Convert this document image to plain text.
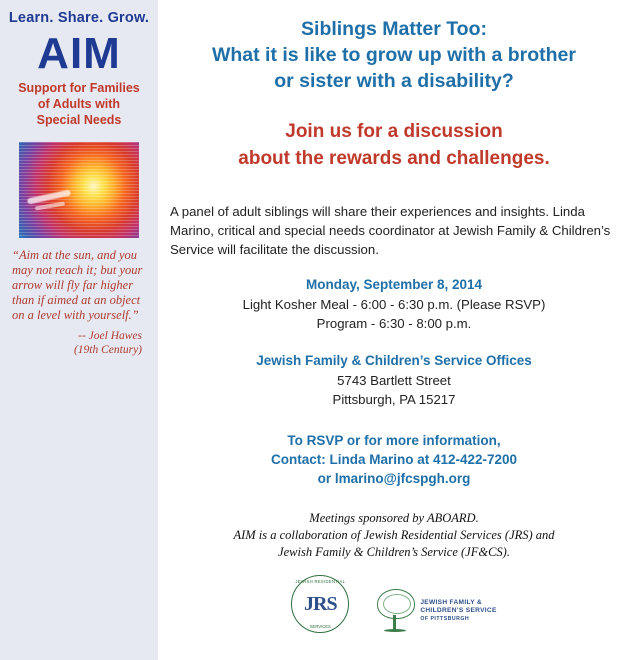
Learn. Share. Grow.
AIM
Support for Families
of Adults with
Special Needs
“Aim at the sun, and you may not reach it; but your arrow will fly far higher than if aimed at an object on a level with yourself.”
-- Joel Hawes
(19th Century)
Siblings Matter Too:
What it is like to grow up with a brother
or sister with a disability?
Join us for a discussion
about the rewards and challenges.
A panel of adult siblings will share their experiences and insights. Linda Marino, critical and special needs coordinator at Jewish Family & Children’s Service will facilitate the discussion.
Monday, September 8, 2014
Light Kosher Meal - 6:00 - 6:30 p.m. (Please RSVP)
Program - 6:30 - 8:00 p.m.
Jewish Family & Children’s Service Offices
5743 Bartlett Street
Pittsburgh, PA 15217
To RSVP or for more information,
Contact: Linda Marino at 412-422-7200
or lmarino@jfcspgh.org
Meetings sponsored by ABOARD.
AIM is a collaboration of Jewish Residential Services (JRS) and
Jewish Family & Children’s Service (JF&CS).
JEWISH RESIDENTIAL
JRS
SERVICES
JEWISH FAMILY &
CHILDREN’S SERVICE
OF PITTSBURGH
